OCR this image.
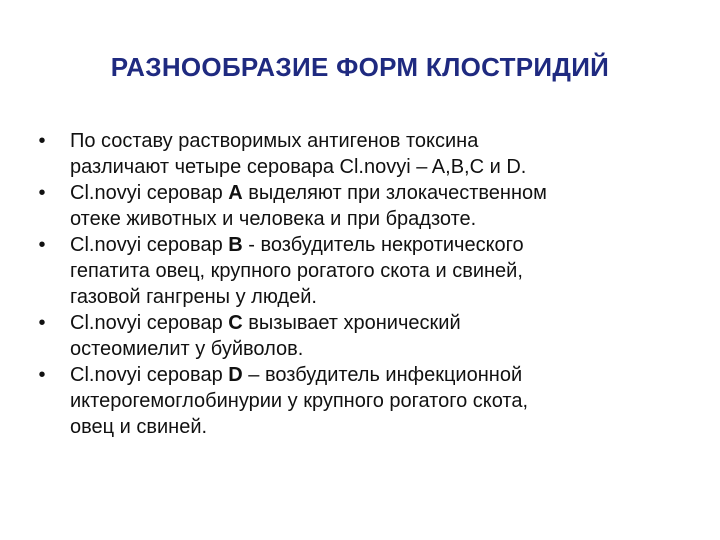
РАЗНООБРАЗИЕ ФОРМ КЛОСТРИДИЙ
•	По составу растворимых антигенов токсина
различают четыре серовара Cl.novyi – A,B,C и D.
•	Cl.novyi серовар А выделяют при злокачественном
отеке животных и человека и при брадзоте.
•	Cl.novyi серовар В - возбудитель некротического
гепатита овец, крупного рогатого скота и свиней,
газовой гангрены у людей.
•	Cl.novyi серовар С вызывает хронический
остеомиелит у буйволов.
•	Cl.novyi серовар D – возбудитель инфекционной
иктерогемоглобинурии у крупного рогатого скота,
овец и свиней.
